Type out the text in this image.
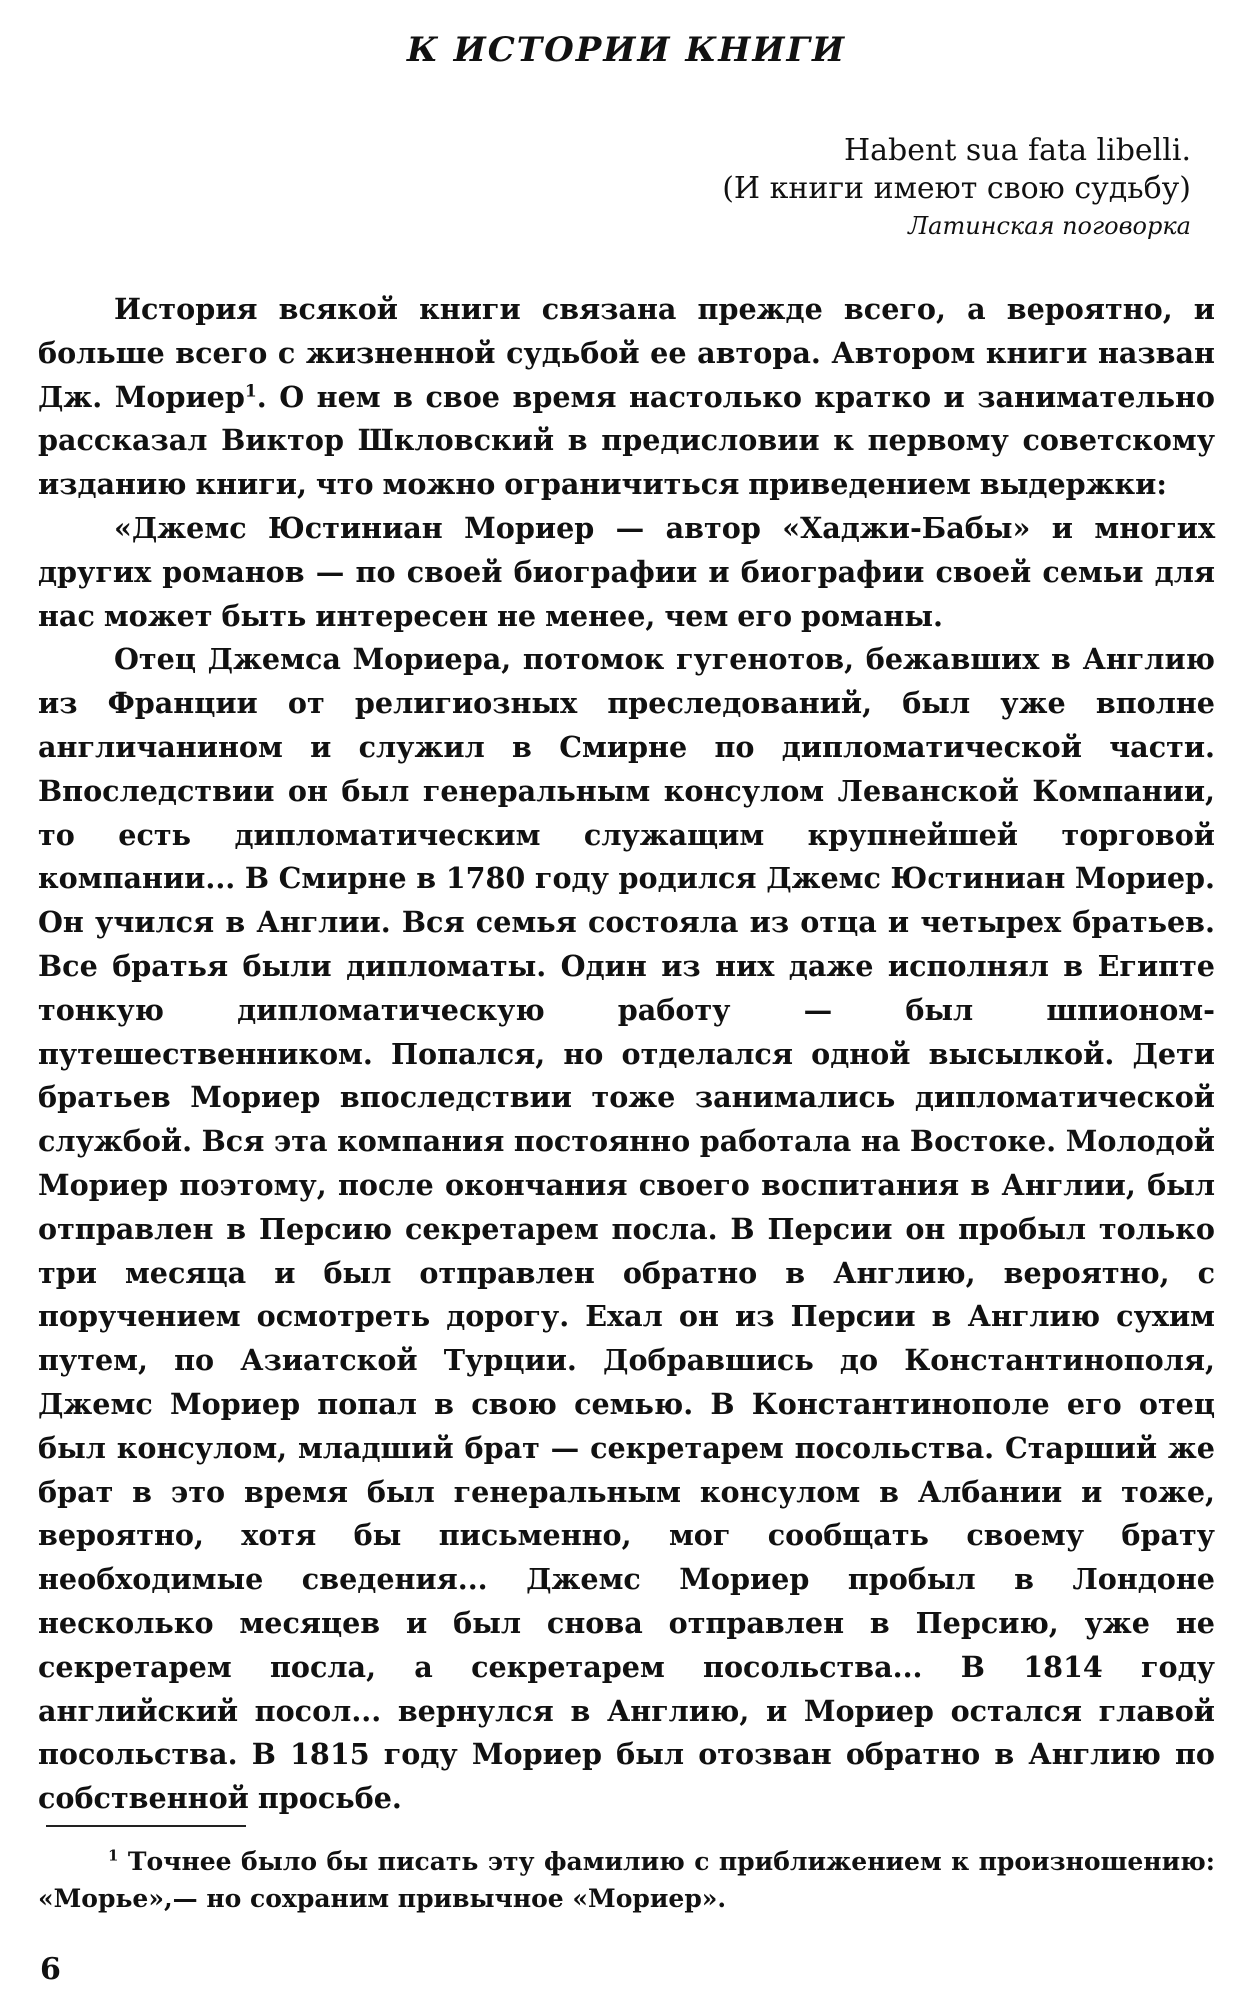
К ИСТОРИИ КНИГИ
Habent sua fata libelli.
(И книги имеют свою судьбу)
Латинская поговорка

История всякой книги связана прежде всего, а вероятно, и больше всего с жизненной судьбой ее автора. Автором книги назван Дж. Мориер$^1$. О нем в свое время настолько кратко и занимательно рассказал Виктор Шкловский в предисловии к первому советскому изданию книги, что можно ограничиться приведением выдержки:

«Джемс Юстиниан Мориер — автор «Хаджи-Бабы» и многих других романов — по своей биографии и биографии своей семьи для нас может быть интересен не менее, чем его романы.

Отец Джемса Мориера, потомок гугенотов, бежавших в Англию из Франции от религиозных преследований, был уже вполне англичанином и служил в Смирне по дипломатической части. Впоследствии он был генеральным консулом Леванской Компании, то есть дипломатическим служащим крупнейшей торговой компании... В Смирне в 1780 году родился Джемс Юстиниан Мориер. Он учился в Англии. Вся семья состояла из отца и четырех братьев. Все братья были дипломаты. Один из них даже исполнял в Египте тонкую дипломатическую работу — был шпионом-путешественником. Попался, но отделался одной высылкой. Дети братьев Мориер впоследствии тоже занимались дипломатической службой. Вся эта компания постоянно работала на Востоке. Молодой Мориер поэтому, после окончания своего воспитания в Англии, был отправлен в Персию секретарем посла. В Персии он пробыл только три месяца и был отправлен обратно в Англию, вероятно, с поручением осмотреть дорогу. Ехал он из Персии в Англию сухим путем, по Азиатской Турции. Добравшись до Константинополя, Джемс Мориер попал в свою семью. В Константинополе его отец был консулом, младший брат — секретарем посольства. Старший же брат в это время был генеральным консулом в Албании и тоже, вероятно, хотя бы письменно, мог сообщать своему брату необходимые сведения... Джемс Мориер пробыл в Лондоне несколько месяцев и был снова отправлен в Персию, уже не секретарем посла, а секретарем посольства... В 1814 году английский посол... вернулся в Англию, и Мориер остался главой посольства. В 1815 году Мориер был отозван обратно в Англию по собственной просьбе.

$^1$ Точнее было бы писать эту фамилию с приближением к произношению: «Морье»,— но сохраним привычное «Мориер».
6
